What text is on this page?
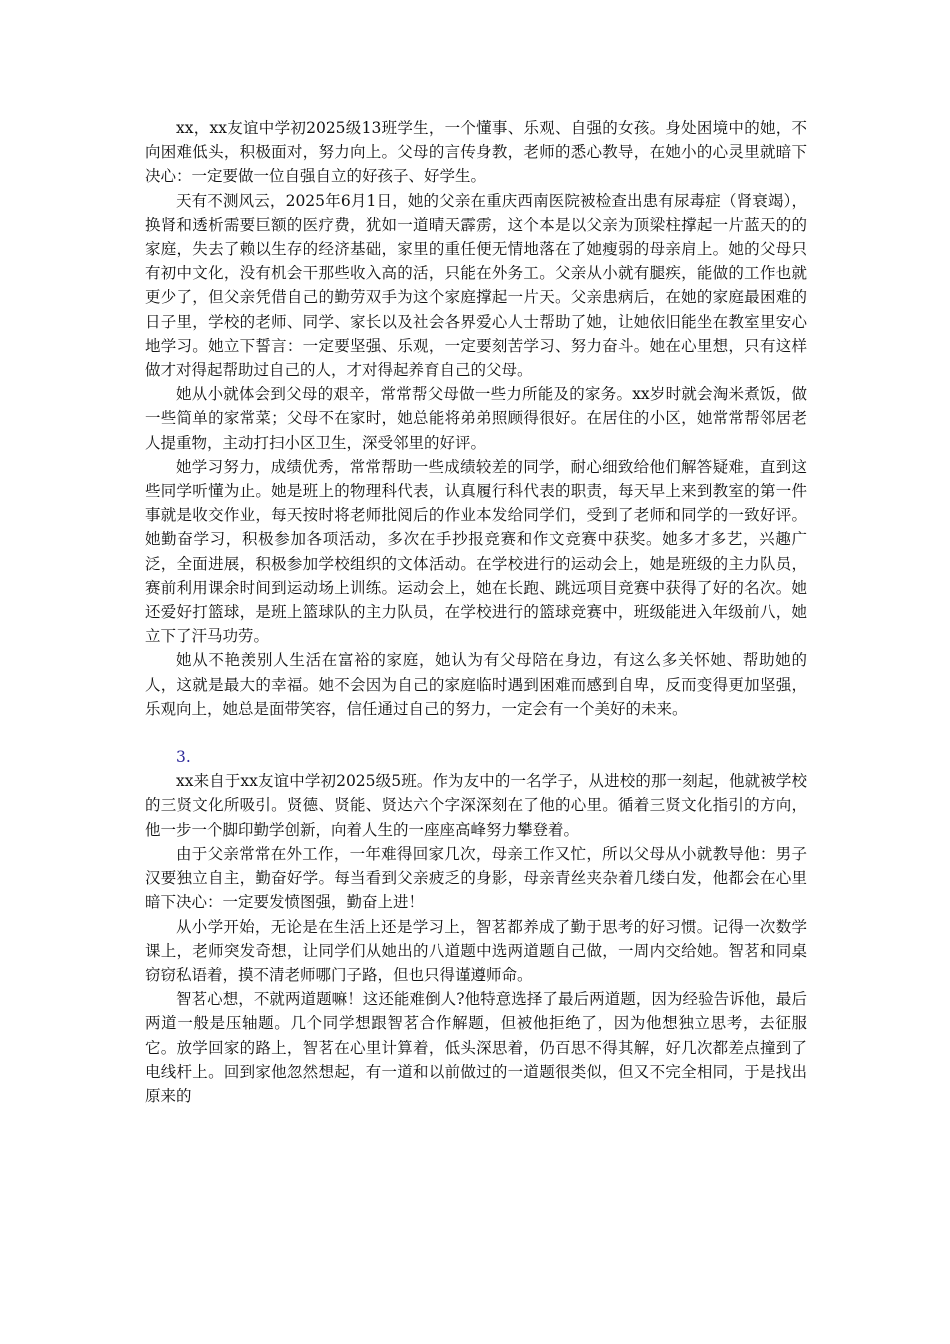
xx，xx友谊中学初2025级13班学生，一个懂事、乐观、自强的女孩。身处困境中的她，不向困难低头，积极面对，努力向上。父母的言传身教，老师的悉心教导，在她小的心灵里就暗下决心：一定要做一位自强自立的好孩子、好学生。

天有不测风云，2025年6月1日，她的父亲在重庆西南医院被检查出患有尿毒症（肾衰竭），换肾和透析需要巨额的医疗费，犹如一道晴天霹雳，这个本是以父亲为顶梁柱撑起一片蓝天的的家庭，失去了赖以生存的经济基础，家里的重任便无情地落在了她瘦弱的母亲肩上。她的父母只有初中文化，没有机会干那些收入高的活，只能在外务工。父亲从小就有腿疾，能做的工作也就更少了，但父亲凭借自己的勤劳双手为这个家庭撑起一片天。父亲患病后，在她的家庭最困难的日子里，学校的老师、同学、家长以及社会各界爱心人士帮助了她，让她依旧能坐在教室里安心地学习。她立下誓言：一定要坚强、乐观，一定要刻苦学习、努力奋斗。她在心里想，只有这样做才对得起帮助过自己的人，才对得起养育自己的父母。

她从小就体会到父母的艰辛，常常帮父母做一些力所能及的家务。xx岁时就会淘米煮饭，做一些简单的家常菜；父母不在家时，她总能将弟弟照顾得很好。在居住的小区，她常常帮邻居老人提重物，主动打扫小区卫生，深受邻里的好评。

她学习努力，成绩优秀，常常帮助一些成绩较差的同学，耐心细致给他们解答疑难，直到这些同学听懂为止。她是班上的物理科代表，认真履行科代表的职责，每天早上来到教室的第一件事就是收交作业，每天按时将老师批阅后的作业本发给同学们，受到了老师和同学的一致好评。她勤奋学习，积极参加各项活动，多次在手抄报竞赛和作文竞赛中获奖。她多才多艺，兴趣广泛，全面进展，积极参加学校组织的文体活动。在学校进行的运动会上，她是班级的主力队员，赛前利用课余时间到运动场上训练。运动会上，她在长跑、跳远项目竞赛中获得了好的名次。她还爱好打篮球，是班上篮球队的主力队员，在学校进行的篮球竞赛中，班级能进入年级前八，她立下了汗马功劳。

她从不艳羡别人生活在富裕的家庭，她认为有父母陪在身边，有这么多关怀她、帮助她的人，这就是最大的幸福。她不会因为自己的家庭临时遇到困难而感到自卑，反而变得更加坚强，乐观向上，她总是面带笑容，信任通过自己的努力，一定会有一个美好的未来。

3.

xx来自于xx友谊中学初2025级5班。作为友中的一名学子，从进校的那一刻起，他就被学校的三贤文化所吸引。贤德、贤能、贤达六个字深深刻在了他的心里。循着三贤文化指引的方向，他一步一个脚印勤学创新，向着人生的一座座高峰努力攀登着。

由于父亲常常在外工作，一年难得回家几次，母亲工作又忙，所以父母从小就教导他：男子汉要独立自主，勤奋好学。每当看到父亲疲乏的身影，母亲青丝夹杂着几缕白发，他都会在心里暗下决心：一定要发愤图强，勤奋上进！

从小学开始，无论是在生活上还是学习上，智茗都养成了勤于思考的好习惯。记得一次数学课上，老师突发奇想，让同学们从她出的八道题中选两道题自己做，一周内交给她。智茗和同桌窃窃私语着，摸不清老师哪门子路，但也只得谨遵师命。

智茗心想，不就两道题嘛！这还能难倒人?他特意选择了最后两道题，因为经验告诉他，最后两道一般是压轴题。几个同学想跟智茗合作解题，但被他拒绝了，因为他想独立思考，去征服它。放学回家的路上，智茗在心里计算着，低头深思着，仍百思不得其解，好几次都差点撞到了电线杆上。回到家他忽然想起，有一道和以前做过的一道题很类似，但又不完全相同，于是找出原来的
